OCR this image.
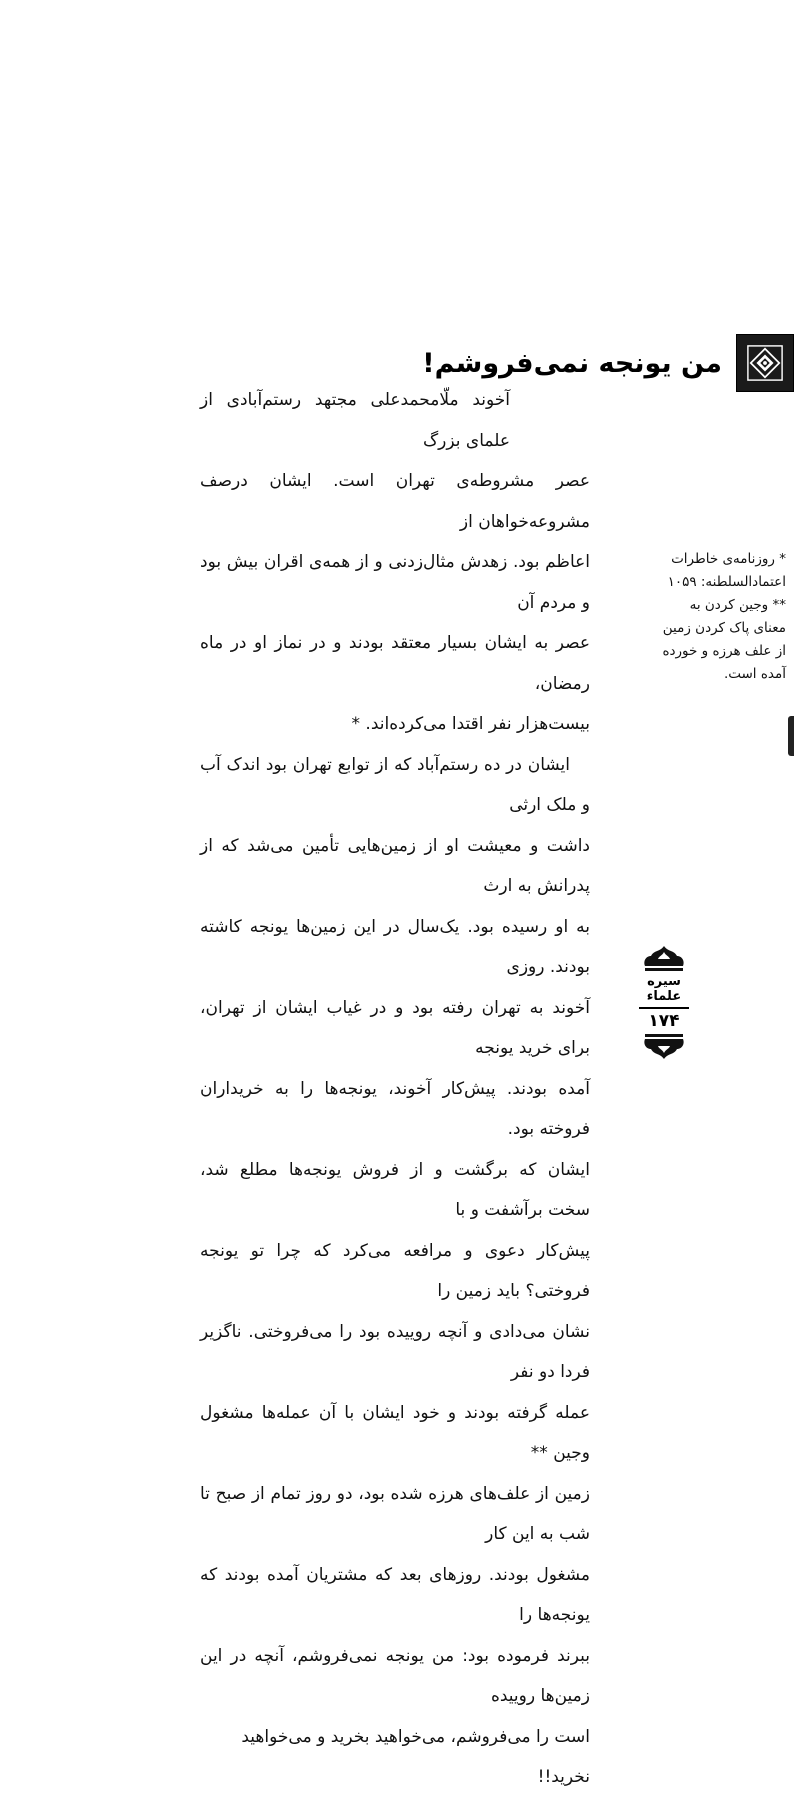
من یونجه نمی‌فروشم!

آخوند ملّامحمدعلی مجتهد رستم‌آبادی از علمای بزرگ

عصر مشروطه‌ی تهران است. ایشان درصف مشروعه‌خواهان از

اعاظم بود. زهدش مثال‌زدنی و از همه‌ی اقران بیش بود و مردم آن

عصر به ایشان بسیار معتقد بودند و در نماز او در ماه رمضان،

بیست‌هزار نفر اقتدا می‌کرده‌اند. *

ایشان در ده رستم‌آباد که از توابع تهران بود اندک آب و ملک ارثی

داشت و معیشت او از زمین‌هایی تأمین می‌شد که از پدرانش به ارث

به او رسیده بود. یک‌سال در این زمین‌ها یونجه کاشته بودند. روزی

آخوند به تهران رفته بود و در غیاب ایشان از تهران، برای خرید یونجه

آمده بودند. پیش‌کار آخوند، یونجه‌ها را به خریداران فروخته بود.

ایشان که برگشت و از فروش یونجه‌ها مطلع شد، سخت برآشفت و با

پیش‌کار دعوی و مرافعه می‌کرد که چرا تو یونجه فروختی؟ باید زمین را

نشان می‌دادی و آنچه روییده بود را می‌فروختی. ناگزیر فردا دو نفر

عمله گرفته بودند و خود ایشان با آن عمله‌ها مشغول وجین **

زمین از علف‌های هرزه شده بود، دو روز تمام از صبح تا شب به این کار

مشغول بودند. روزهای بعد که مشتریان آمده بودند که یونجه‌ها را

ببرند فرموده بود: من یونجه نمی‌فروشم، آنچه در این زمین‌ها روییده

است را می‌فروشم، می‌خواهید بخرید و می‌خواهید نخرید!!

* روزنامه‌ی خاطرات

اعتمادالسلطنه: ۱۰۵۹

** وجین کردن به

معنای پاک کردن زمین

از علف هرزه و خورده

آمده است.

سیره
علماء
۱۷۴
